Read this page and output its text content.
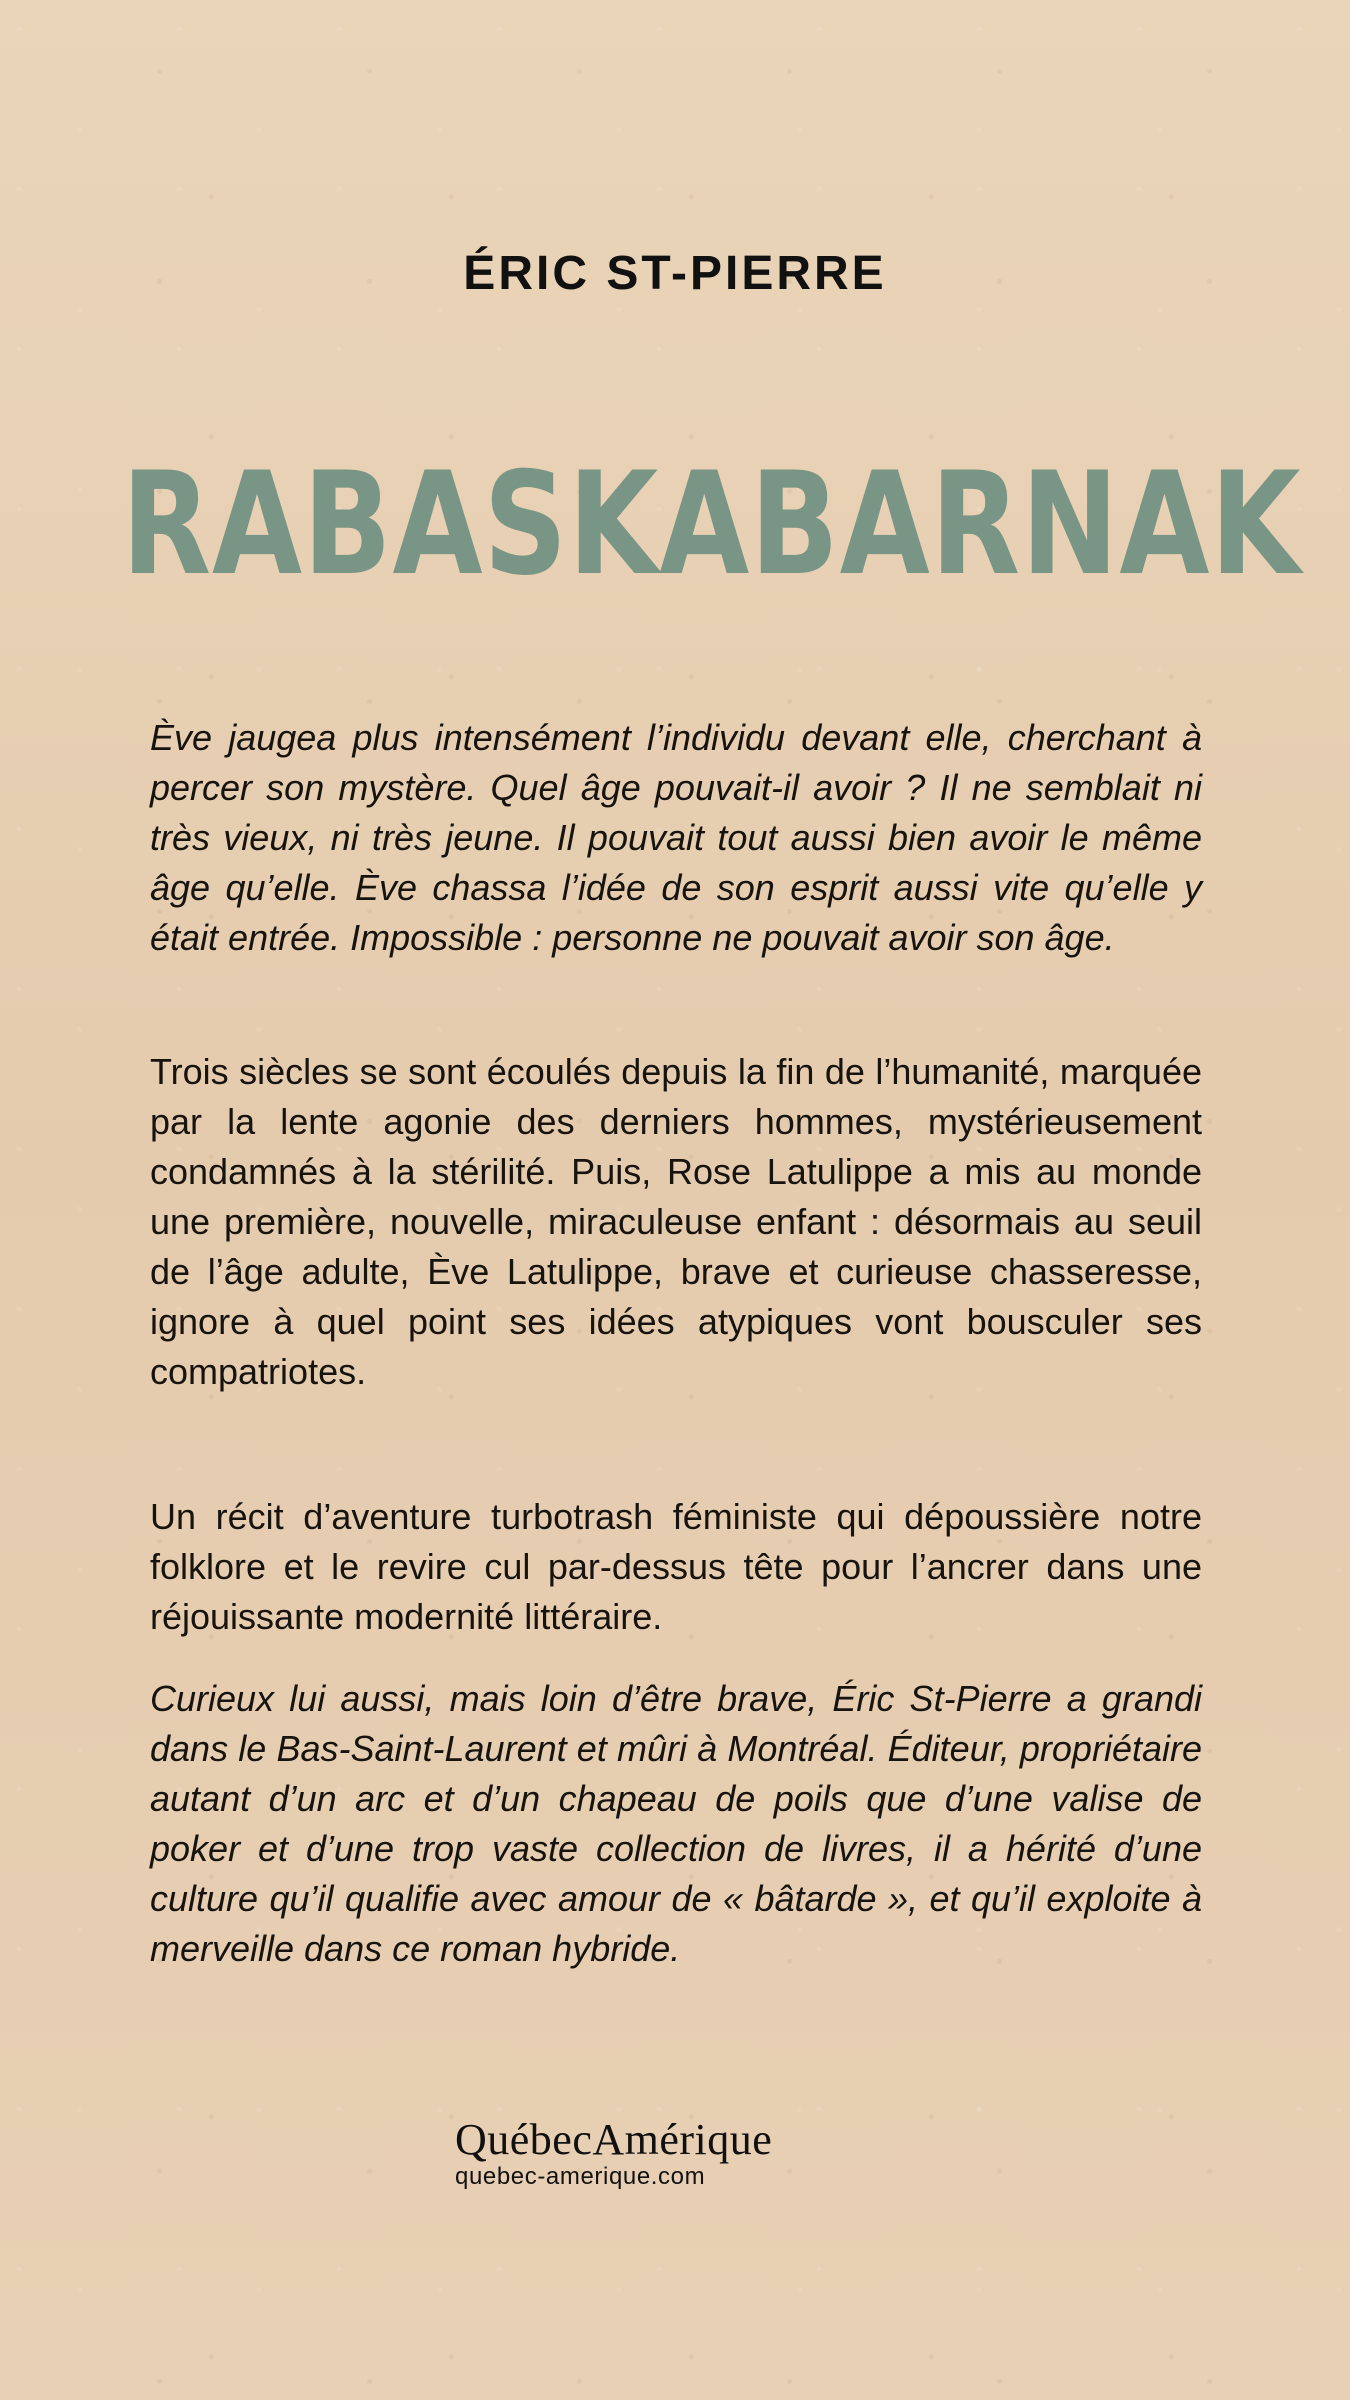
ÉRIC ST-PIERRE
RABASKABARNAK
Ève jaugea plus intensément l’individu devant elle, cherchant à percer son mystère. Quel âge pouvait-il avoir ? Il ne semblait ni très vieux, ni très jeune. Il pouvait tout aussi bien avoir le même âge qu’elle. Ève chassa l’idée de son esprit aussi vite qu’elle y était entrée. Impossible : personne ne pouvait avoir son âge.
Trois siècles se sont écoulés depuis la fin de l’humanité, marquée par la lente agonie des derniers hommes, mystérieusement condamnés à la stérilité. Puis, Rose Latulippe a mis au monde une première, nouvelle, miraculeuse enfant : désormais au seuil de l’âge adulte, Ève Latulippe, brave et curieuse chasseresse, ignore à quel point ses idées atypiques vont bousculer ses compatriotes.
Un récit d’aventure turbotrash féministe qui dépoussière notre folklore et le revire cul par-dessus tête pour l’ancrer dans une réjouissante modernité littéraire.
Curieux lui aussi, mais loin d’être brave, Éric St-Pierre a grandi dans le Bas-Saint-Laurent et mûri à Montréal. Éditeur, propriétaire autant d’un arc et d’un chapeau de poils que d’une valise de poker et d’une trop vaste collection de livres, il a hérité d’une culture qu’il qualifie avec amour de « bâtarde », et qu’il exploite à merveille dans ce roman hybride.
QuébecAmérique
quebec-amerique.com
